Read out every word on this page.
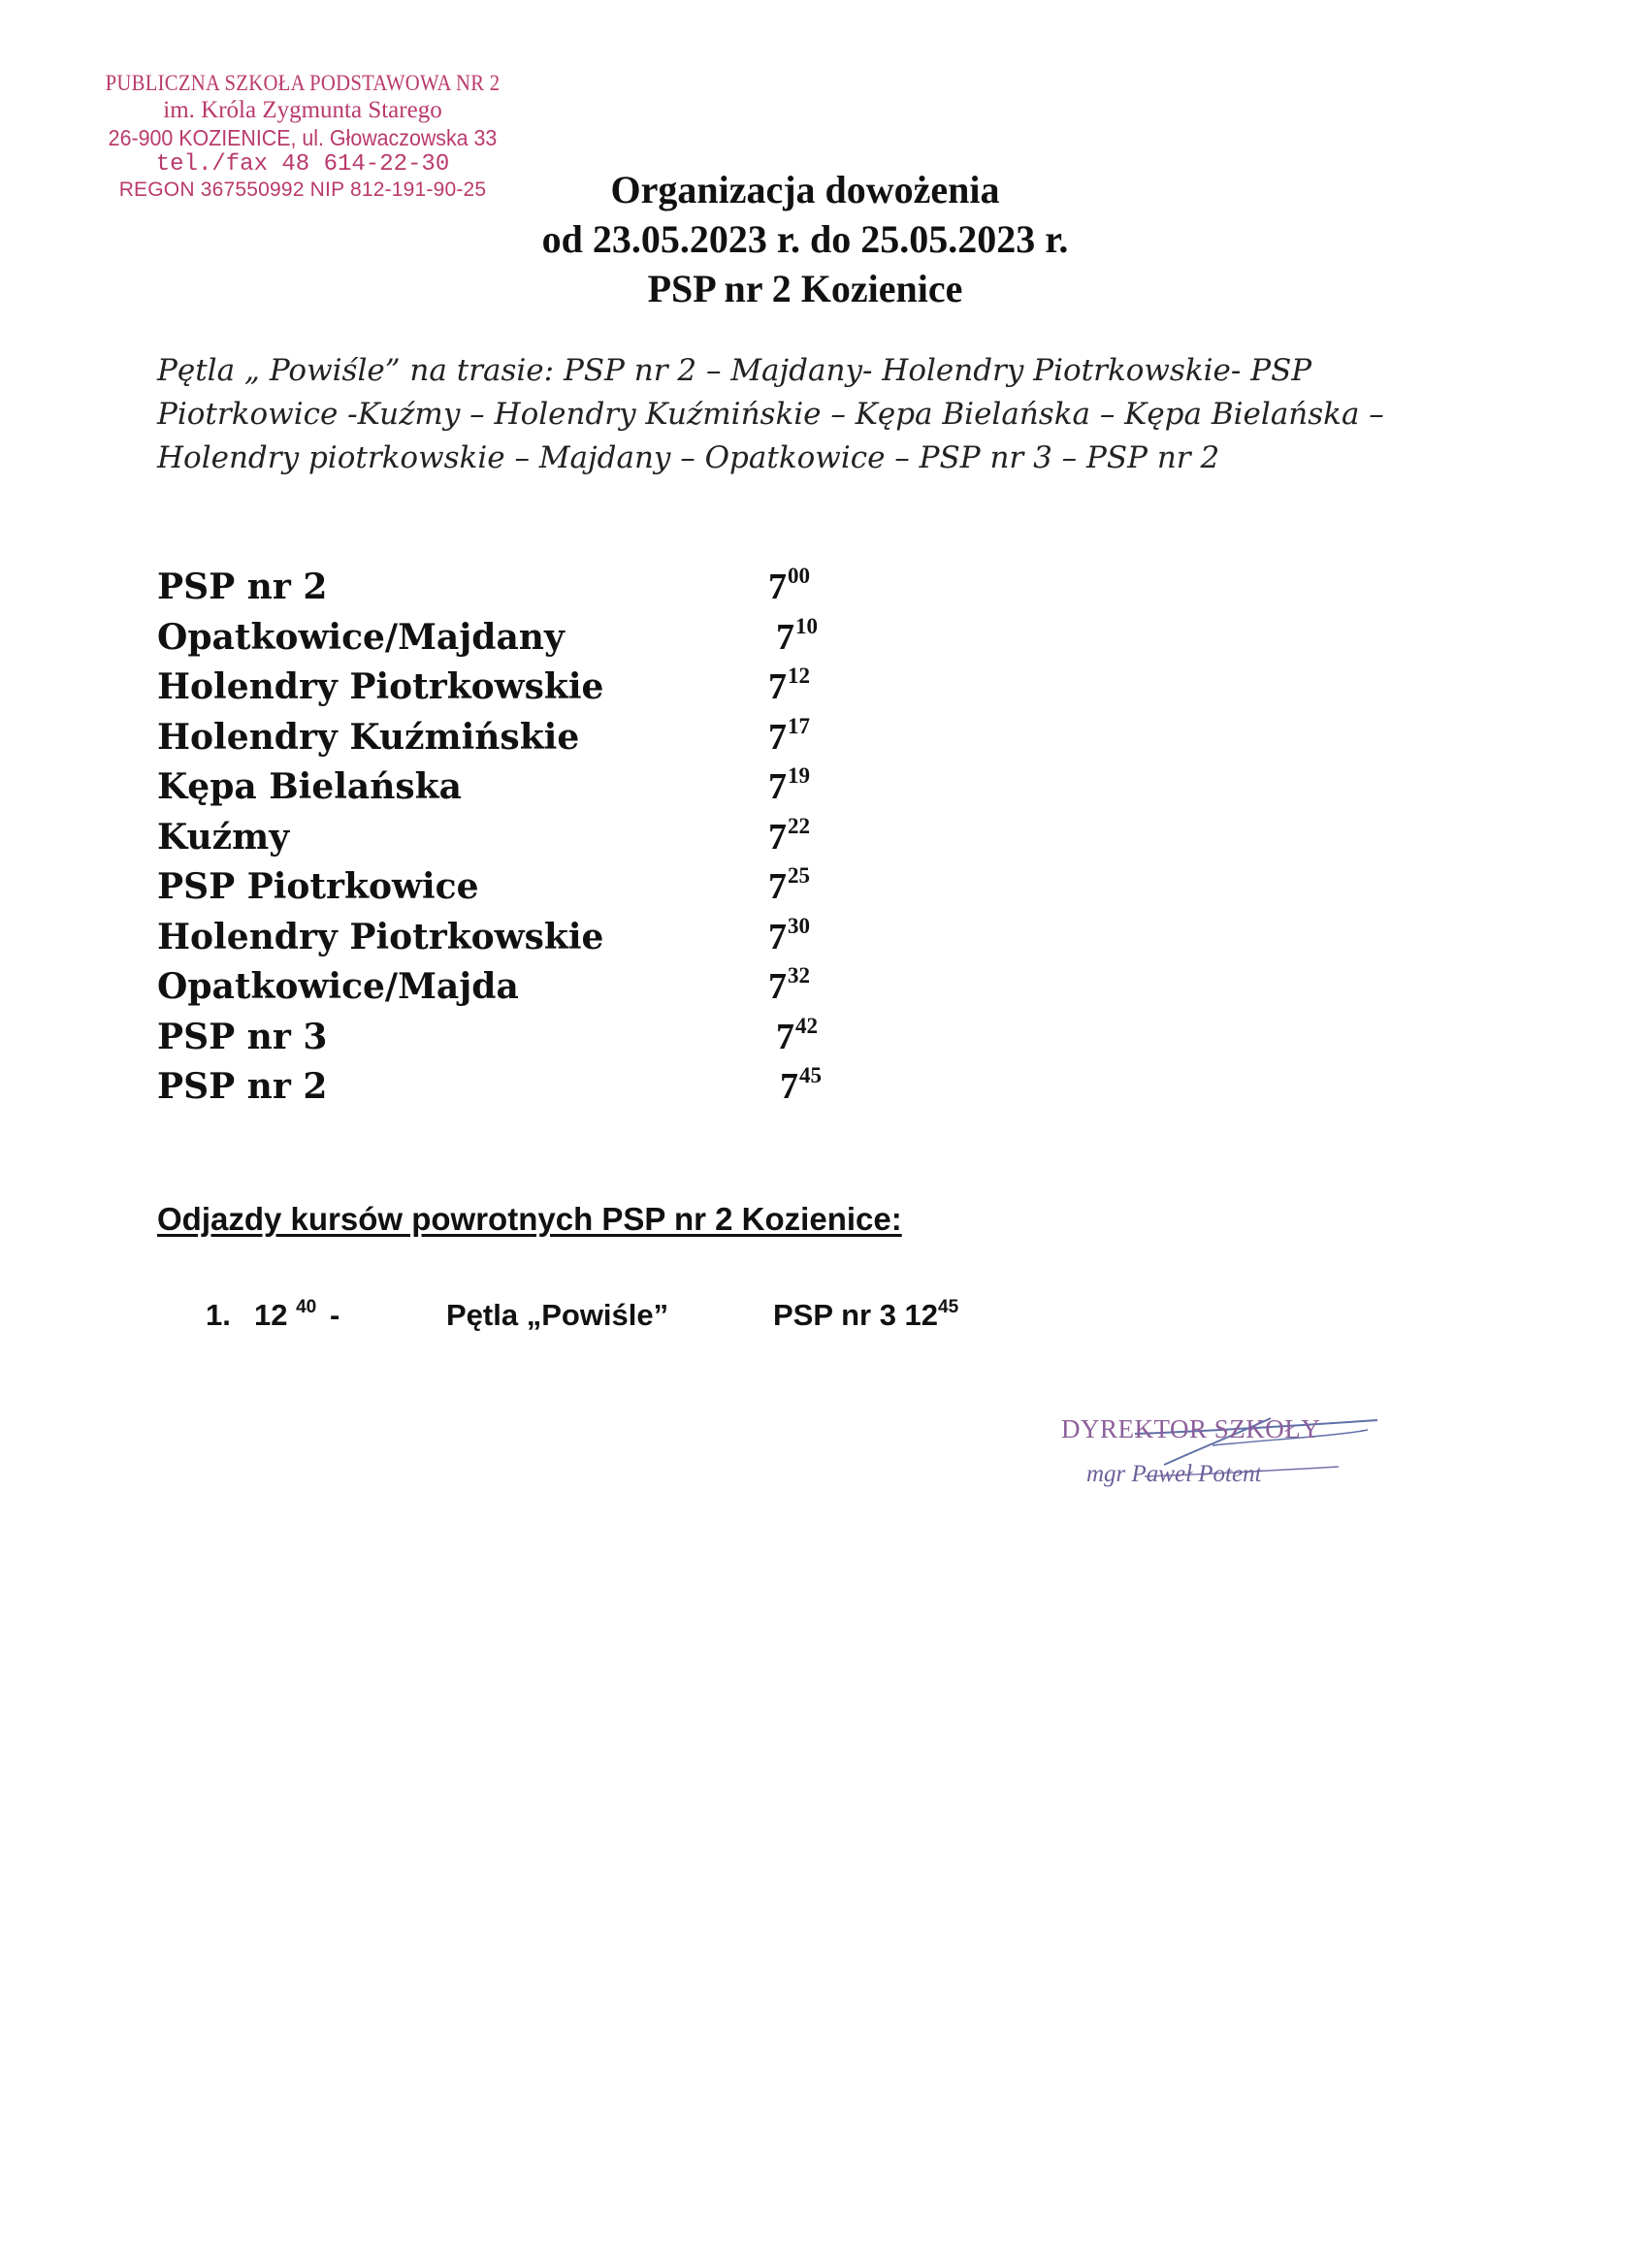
PUBLICZNA SZKOŁA PODSTAWOWA NR 2
im. Króla Zygmunta Starego
26-900 KOZIENICE, ul. Głowaczowska 33
tel./fax 48 614-22-30
REGON 367550992 NIP 812-191-90-25	Organizacja dowożenia
od 23.05.2023 r. do 25.05.2023 r.
PSP nr 2 Kozienice
Pętla „ Powiśle” na trasie: PSP nr 2 – Majdany- Holendry Piotrkowskie- PSP
Piotrkowice -Kuźmy – Holendry Kuźmińskie – Kępa Bielańska – Kępa Bielańska –
Holendry piotrkowskie – Majdany – Opatkowice – PSP nr 3 – PSP nr 2
PSP nr 2	$7^{00}$
Opatkowice/Majdany	$7^{10}$
Holendry Piotrkowskie	$7^{12}$
Holendry Kuźmińskie	$7^{17}$
Kępa Bielańska	$7^{19}$
Kuźmy	$7^{22}$
PSP Piotrkowice	$7^{25}$
Holendry Piotrkowskie	$7^{30}$
Opatkowice/Majda	$7^{32}$
PSP nr 3	$7^{42}$
PSP nr 2	$7^{45}$
Odjazdy kursów powrotnych PSP nr 2 Kozienice:
1. 12 $^{40}$ -	Pętla „Powiśle”	PSP nr 3 $12^{45}$
DYREKTOR SZKOŁY
mgr Paweł Potent
